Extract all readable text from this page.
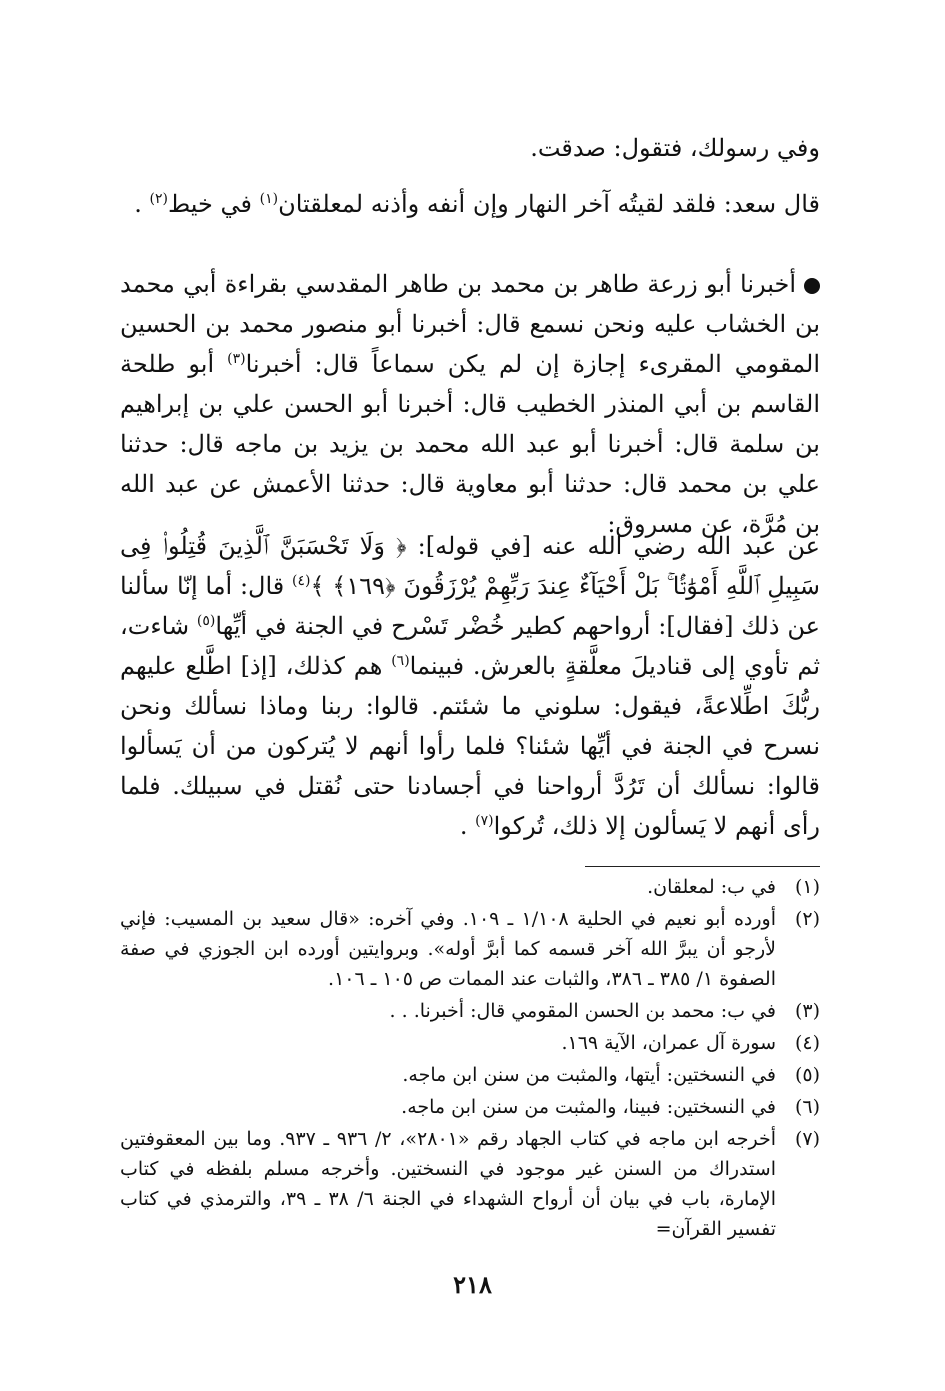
وفي رسولك، فتقول: صدقت.

قال سعد: فلقد لقيتُه آخر النهار وإن أنفه وأذنه لمعلقتان$^{(١)}$ في خيط$^{(٢)}$ .

أخبرنا أبو زرعة طاهر بن محمد بن طاهر المقدسي بقراءة أبي محمد بن الخشاب عليه ونحن نسمع قال: أخبرنا أبو منصور محمد بن الحسين المقومي المقرىء إجازة إن لم يكن سماعاً قال: أخبرنا$^{(٣)}$ أبو طلحة القاسم بن أبي المنذر الخطيب قال: أخبرنا أبو الحسن علي بن إبراهيم بن سلمة قال: أخبرنا أبو عبد الله محمد بن يزيد بن ماجه قال: حدثنا علي بن محمد قال: حدثنا أبو معاوية قال: حدثنا الأعمش عن عبد الله بن مُرَّة، عن مسروق:

عن عبد الله رضي الله عنه [في قوله]: ﴿ وَلَا تَحْسَبَنَّ ٱلَّذِينَ قُتِلُوا۟ فِى سَبِيلِ ٱللَّهِ أَمْوَٰتًۢا ۚ بَلْ أَحْيَآءٌ عِندَ رَبِّهِمْ يُرْزَقُونَ ﴿١٦٩﴾ ﴾$^{(٤)}$ قال: أما إنّا سألنا عن ذلك [فقال]: أرواحهم كطير خُضْر تَسْرح في الجنة في أيِّها$^{(٥)}$ شاءت، ثم تأوي إلى قناديلَ معلَّقةٍ بالعرش. فبينما$^{(٦)}$ هم كذلك، [إذ] اطَّلع عليهم ربُّكَ اطِّلاعةً، فيقول: سلوني ما شئتم. قالوا: ربنا وماذا نسألك ونحن نسرح في الجنة في أيِّها شئنا؟ فلما رأوا أنهم لا يُتركون من أن يَسألوا قالوا: نسألك أن تَرُدَّ أرواحنا في أجسادنا حتى نُقتل في سبيلك. فلما رأى أنهم لا يَسألون إلا ذلك، تُركوا$^{(٧)}$ .

(١)
في ب: لمعلقان.
(٢)
أورده أبو نعيم في الحلية ١/١٠٨ ـ ١٠٩. وفي آخره: «قال سعيد بن المسيب: فإني لأرجو أن يبرَّ الله آخر قسمه كما أبرَّ أوله». وبروايتين أورده ابن الجوزي في صفة الصفوة ١/ ٣٨٥ ـ ٣٨٦، والثبات عند الممات ص ١٠٥ ـ ١٠٦.
(٣)
في ب: محمد بن الحسن المقومي قال: أخبرنا. . .
(٤)
سورة آل عمران، الآية ١٦٩.
(٥)
في النسختين: أيتها، والمثبت من سنن ابن ماجه.
(٦)
في النسختين: فبينا، والمثبت من سنن ابن ماجه.
(٧)
أخرجه ابن ماجه في كتاب الجهاد رقم «٢٨٠١»، ٢/ ٩٣٦ ـ ٩٣٧. وما بين المعقوفتين استدراك من السنن غير موجود في النسختين. وأخرجه مسلم بلفظه في كتاب الإمارة، باب في بيان أن أرواح الشهداء في الجنة ٦/ ٣٨ ـ ٣٩، والترمذي في كتاب تفسير القرآن=
٢١٨
